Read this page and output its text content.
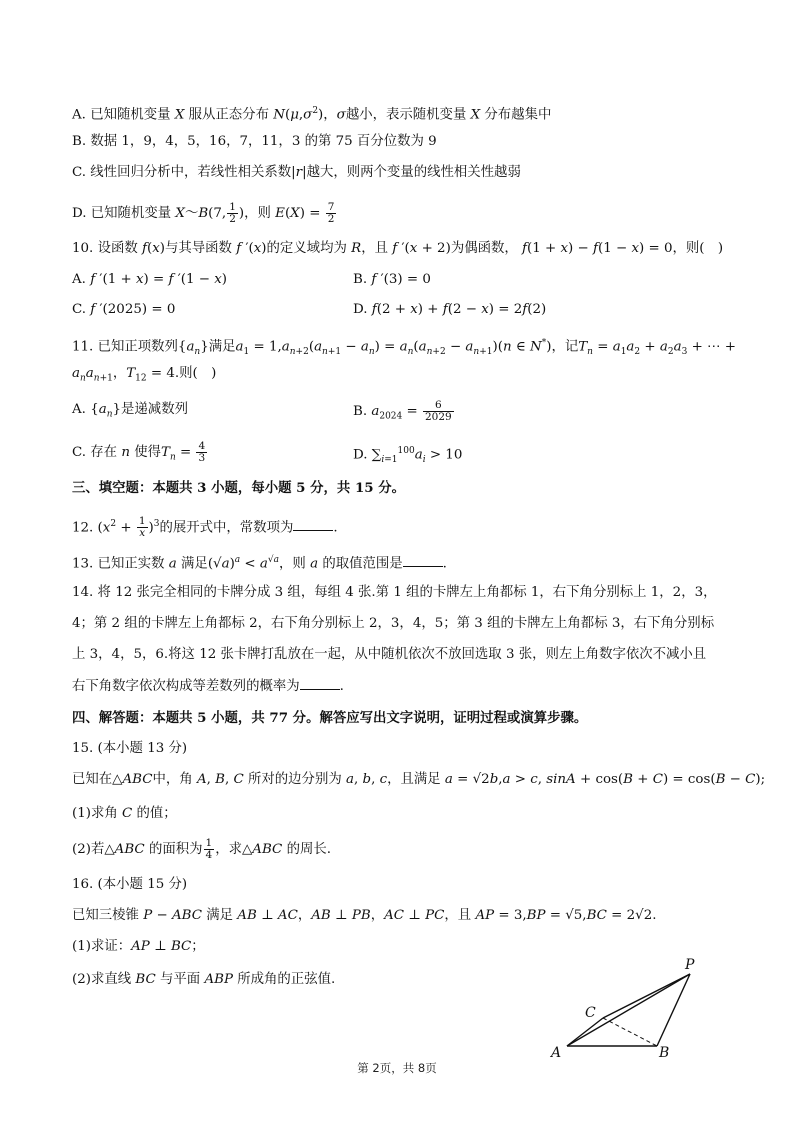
A. 已知随机变量 X 服从正态分布 $N(\mu,\sigma^2)$，σ越小，表示随机变量 X 分布越集中
B. 数据 1，9，4，5，16，7，11，3 的第 75 百分位数为 9
C. 线性回归分析中，若线性相关系数|r|越大，则两个变量的线性相关性越弱
D. 已知随机变量 X～B(7, $\frac{1}{2}$ )，则 $E(X) = \frac{7}{2}$
10. 设函数 f(x)与其导函数 f ′(x)的定义域均为 R，且 f ′(x + 2)为偶函数， f(1 + x) − f(1 − x) = 0，则(　)
A. f ′(1 + x) = f ′(1 − x)	B. f ′(3) = 0
C. f ′(2025) = 0	D. f(2 + x) + f(2 − x) = 2f(2)
11. 已知正项数列$\{a_n\}$满足$a_1 = 1,a_{n+2}(a_{n+1} - a_n) = a_n(a_{n+2} - a_{n+1})(n$ ∈ N*)，记$T_n = a_1a_2 + a_2a_3$ + ⋯ +
$a_na_{n+1}$，$T_{12} = 4$.则(　)
A. $\{a_n\}$是递减数列	B. $a_{2024} = \frac{6}{2029}$
C. 存在 n 使得$T_n = \frac{4}{3}$	D. $\sum_{i=1}^{100}a_i > 10$
三、填空题：本题共 3 小题，每小题 5 分，共 15 分。
12. $(x^2 + \frac{1}{x} )^3$的展开式中，常数项为	.
13. 已知正实数 a 满足$(√a)^a < a^{√a}$，则 a 的取值范围是	.
14. 将 12 张完全相同的卡牌分成 3 组，每组 4 张.第 1 组的卡牌左上角都标 1，右下角分别标上 1，2，3，
4；第 2 组的卡牌左上角都标 2，右下角分别标上 2，3，4，5；第 3 组的卡牌左上角都标 3，右下角分别标
上 3，4，5，6.将这 12 张卡牌打乱放在一起，从中随机依次不放回选取 3 张，则左上角数字依次不减小且
右下角数字依次构成等差数列的概率为	.
四、解答题：本题共 5 小题，共 77 分。解答应写出文字说明，证明过程或演算步骤。
15. (本小题 13 分)
已知在△ABC中，角 A, B, C 所对的边分别为 a, b, c，且满足 a = √2b,a > c, sinA + cos(B + C) = cos(B − C);
(1)求角 C 的值；
(2)若△ABC 的面积为 $\frac{1}{4}$ ，求△ABC 的周长.
16. (本小题 15 分)
已知三棱锥 P − ABC 满足 AB ⊥ AC，AB ⊥ PB，AC ⊥ PC，且 AP = 3,BP = √5,BC = 2√2.
(1)求证：AP ⊥ BC；
(2)求直线 BC 与平面 ABP 所成角的正弦值.
P
C
A	B
第 2页，共 8页
